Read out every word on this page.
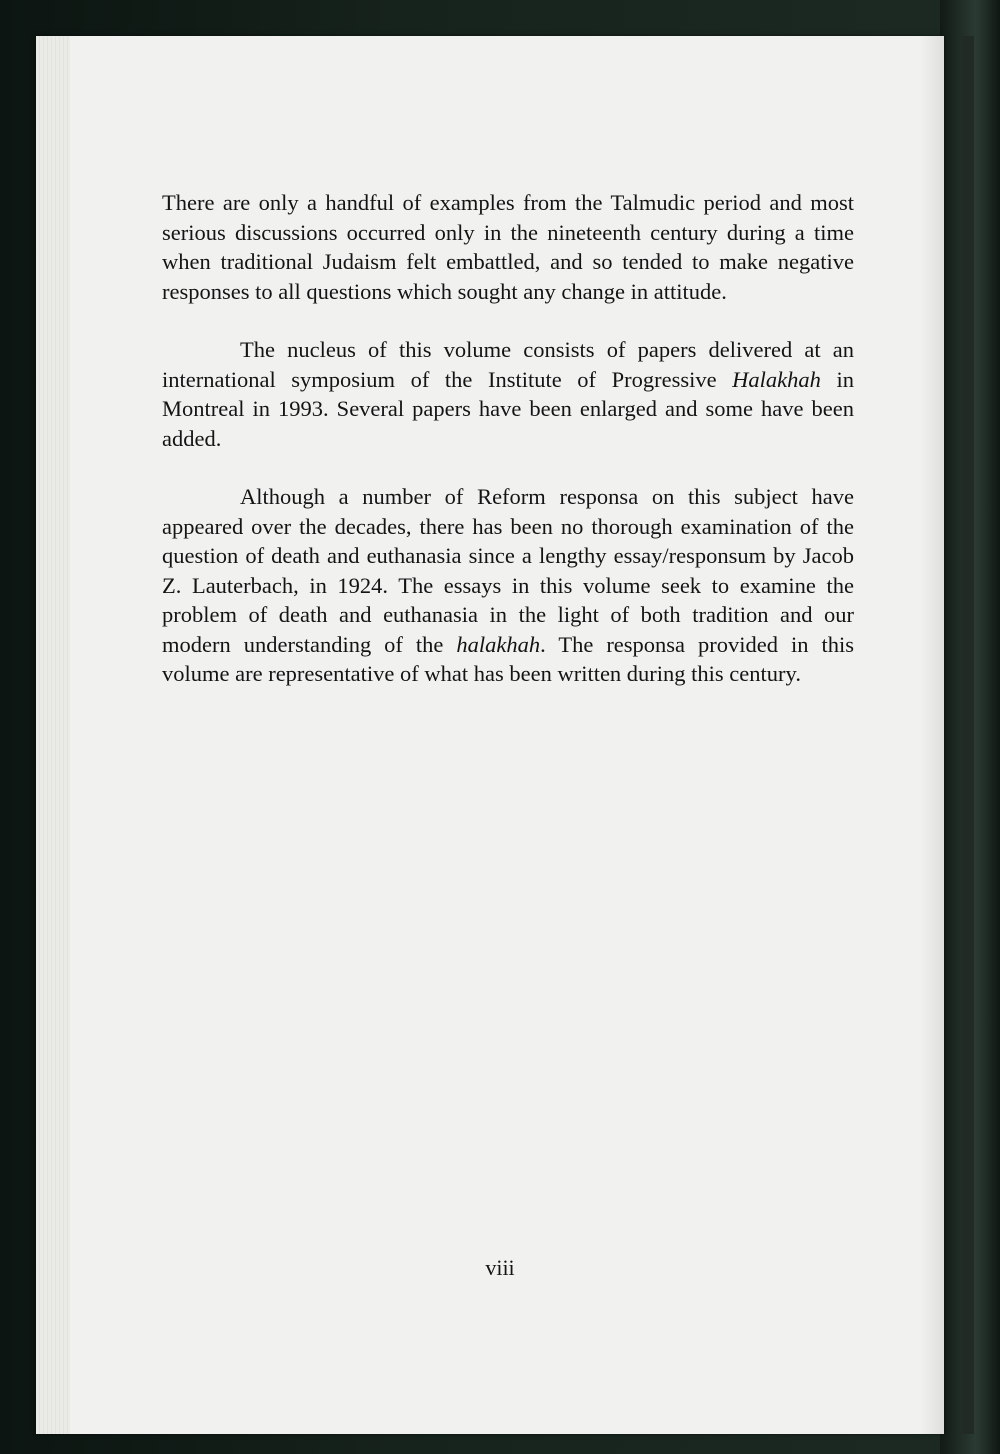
There are only a handful of examples from the Talmudic period and most serious discussions occurred only in the nineteenth century during a time when traditional Judaism felt embattled, and so tended to make negative responses to all questions which sought any change in attitude.

The nucleus of this volume consists of papers delivered at an international symposium of the Institute of Progressive Halakhah in Montreal in 1993. Several papers have been enlarged and some have been added.

Although a number of Reform responsa on this subject have appeared over the decades, there has been no thorough examination of the question of death and euthanasia since a lengthy essay/responsum by Jacob Z. Lauterbach, in 1924. The essays in this volume seek to examine the problem of death and euthanasia in the light of both tradition and our modern understanding of the halakhah. The responsa provided in this volume are representative of what has been written during this century.

viii
